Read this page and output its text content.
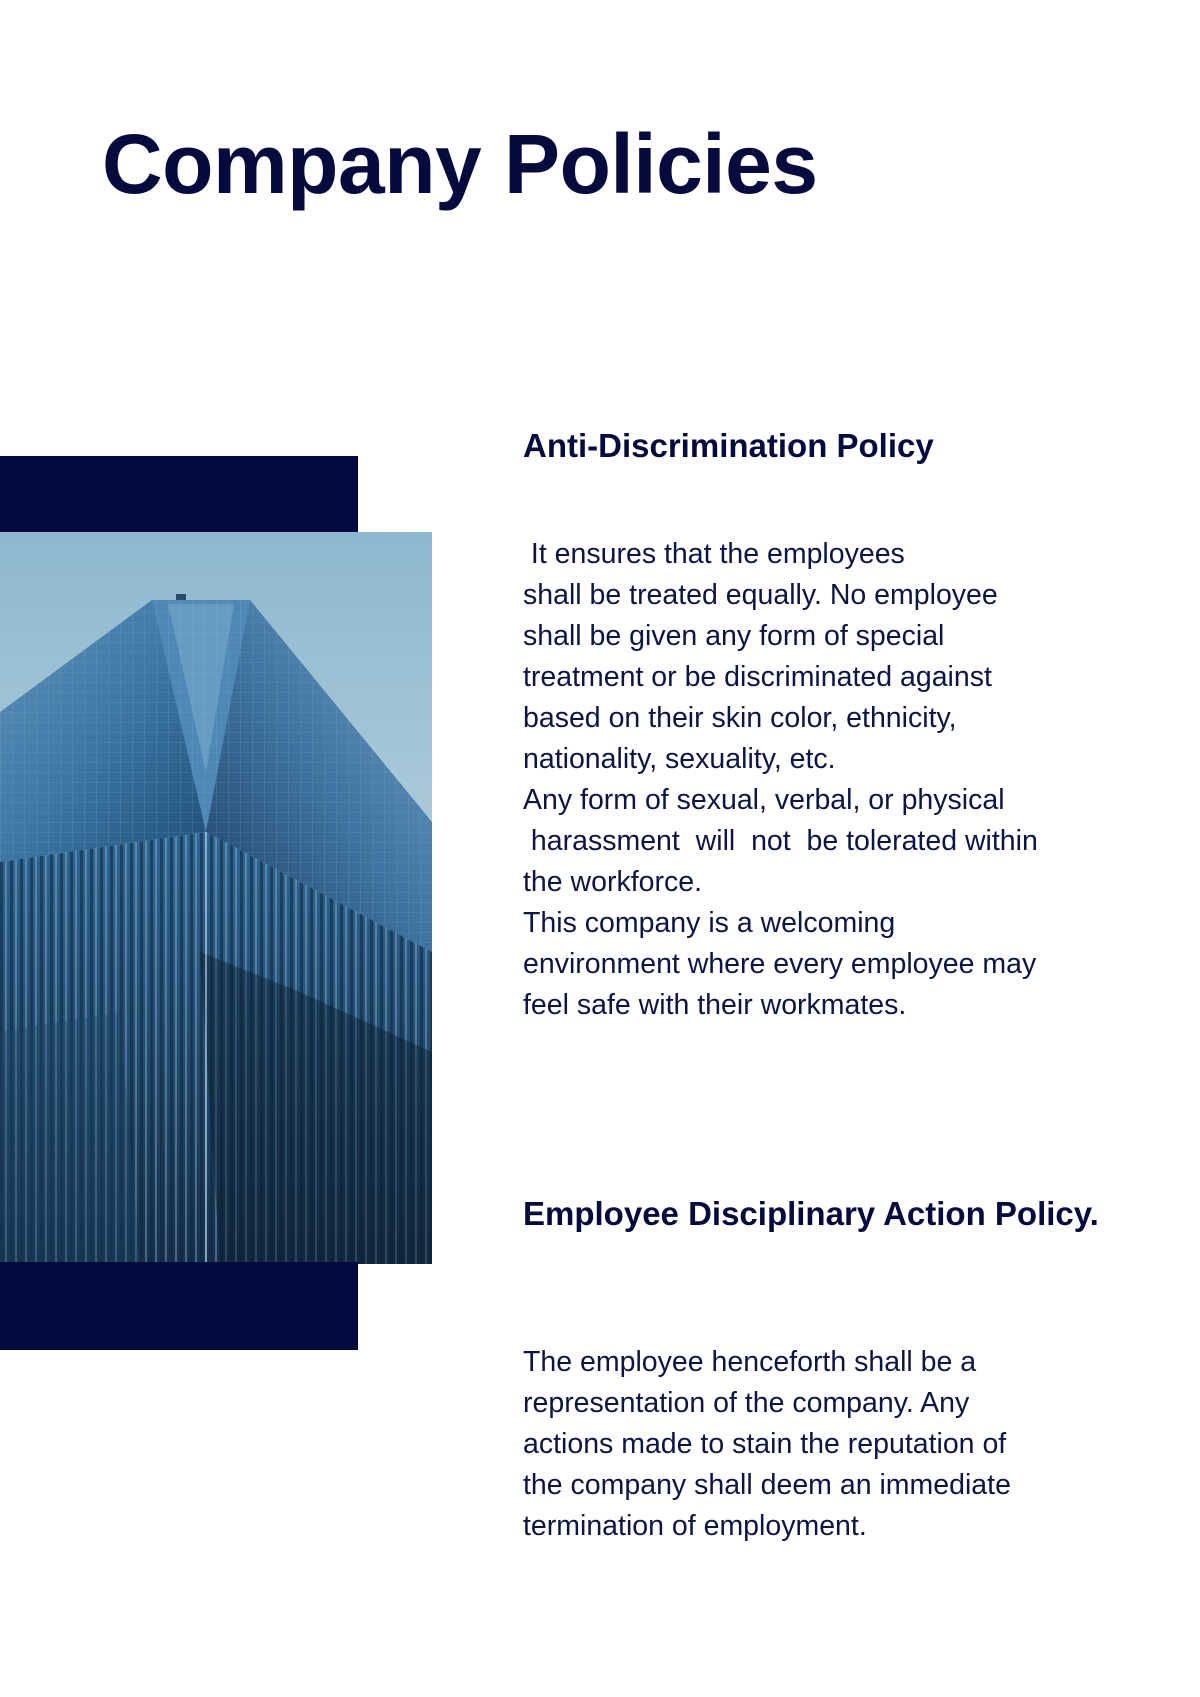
Company Policies
Anti-Discrimination Policy
It ensures that the employees
shall be treated equally. No employee
shall be given any form of special
treatment or be discriminated against
based on their skin color, ethnicity,
nationality, sexuality, etc.
Any form of sexual, verbal, or physical
harassment  will  not  be tolerated within
the workforce.
This company is a welcoming
environment where every employee may
feel safe with their workmates.
Employee Disciplinary Action Policy.
The employee henceforth shall be a
representation of the company. Any
actions made to stain the reputation of
the company shall deem an immediate
termination of employment.
